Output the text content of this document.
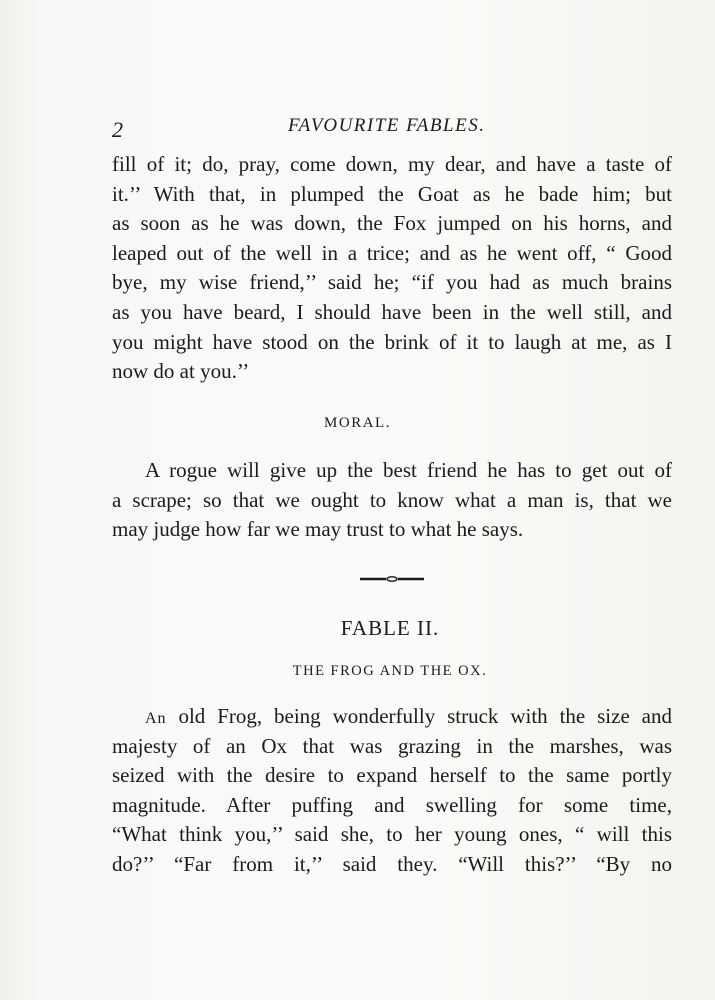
2	FAVOURITE FABLES.
fill of it; do, pray, come down, my dear, and have a taste of
it.’’ With that, in plumped the Goat as he bade him; but
as soon as he was down, the Fox jumped on his horns, and
leaped out of the well in a trice; and as he went off, “ Good
bye, my wise friend,’’ said he; “if you had as much brains
as you have beard, I should have been in the well still, and
you might have stood on the brink of it to laugh at me, as I
now do at you.’’
MORAL.
A rogue will give up the best friend he has to get out of
a scrape; so that we ought to know what a man is, that we
may judge how far we may trust to what he says.
FABLE II.
THE FROG AND THE OX.
An old Frog, being wonderfully struck with the size and
majesty of an Ox that was grazing in the marshes, was
seized with the desire to expand herself to the same portly
magnitude. After puffing and swelling for some time,
“What think you,’’ said she, to her young ones, “ will this
do?’’ “Far from it,’’ said they. “Will this?’’ “By no
